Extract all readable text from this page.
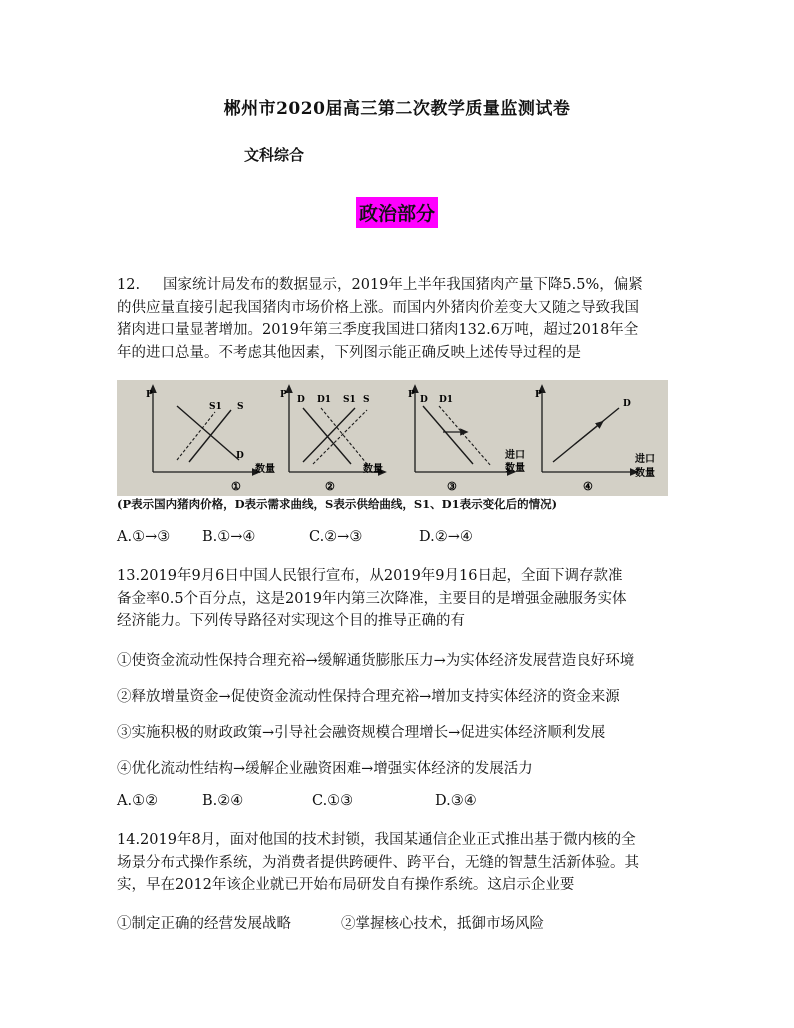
郴州市2020届高三第二次教学质量监测试卷
文科综合
政治部分
12. 国家统计局发布的数据显示，2019年上半年我国猪肉产量下降5.5%，偏紧
的供应量直接引起我国猪肉市场价格上涨。而国内外猪肉价差变大又随之导致我国
猪肉进口量显著增加。2019年第三季度我国进口猪肉132.6万吨，超过2018年全
年的进口总量。不考虑其他因素，下列图示能正确反映上述传导过程的是
P
S1 S
D
数量
①
P D D1 S1 S
数量
②
P D D1
进口
数量
③
P
D
进口
数量
④
(P表示国内猪肉价格，D表示需求曲线，S表示供给曲线，S1、D1表示变化后的情况)
A.①→③ B.①→④	C.②→③	D.②→④
13.2019年9月6日中国人民银行宣布，从2019年9月16日起，全面下调存款准
备金率0.5个百分点，这是2019年内第三次降准，主要目的是增强金融服务实体
经济能力。下列传导路径对实现这个目的推导正确的有
①使资金流动性保持合理充裕→缓解通货膨胀压力→为实体经济发展营造良好环境
②释放增量资金→促使资金流动性保持合理充裕→增加支持实体经济的资金来源
③实施积极的财政政策→引导社会融资规模合理增长→促进实体经济顺利发展
④优化流动性结构→缓解企业融资困难→增强实体经济的发展活力
A.①②	B.②④	C.①③	D.③④
14.2019年8月，面对他国的技术封锁，我国某通信企业正式推出基于微内核的全
场景分布式操作系统，为消费者提供跨硬件、跨平台，无缝的智慧生活新体验。其
实，早在2012年该企业就已开始布局研发自有操作系统。这启示企业要
①制定正确的经营发展战略	②掌握核心技术，抵御市场风险
